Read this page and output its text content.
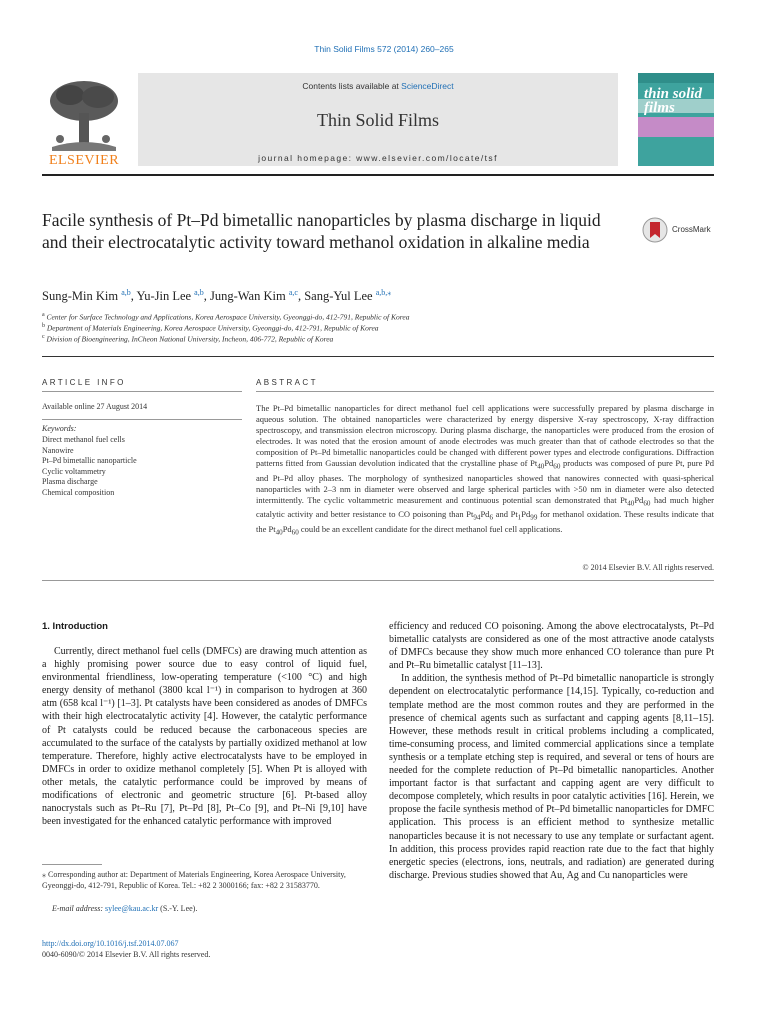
Thin Solid Films 572 (2014) 260–265
ELSEVIER
Contents lists available at ScienceDirect
Thin Solid Films
journal homepage: www.elsevier.com/locate/tsf
thin solid films
Facile synthesis of Pt–Pd bimetallic nanoparticles by plasma discharge in liquid and their electrocatalytic activity toward methanol oxidation in alkaline media
CrossMark
Sung-Min Kim $^{a,b}$, Yu-Jin Lee $^{a,b}$, Jung-Wan Kim $^{a,c}$, Sang-Yul Lee $^{a,b,⁎}$
$^a$ Center for Surface Technology and Applications, Korea Aerospace University, Gyeonggi-do, 412-791, Republic of Korea
$^b$ Department of Materials Engineering, Korea Aerospace University, Gyeonggi-do, 412-791, Republic of Korea
$^c$ Division of Bioengineering, InCheon National University, Incheon, 406-772, Republic of Korea
ARTICLE INFO
Available online 27 August 2014
Keywords:
Direct methanol fuel cells
Nanowire
Pt–Pd bimetallic nanoparticle
Cyclic voltammetry
Plasma discharge
Chemical composition
ABSTRACT
The Pt–Pd bimetallic nanoparticles for direct methanol fuel cell applications were successfully prepared by plasma discharge in aqueous solution. The obtained nanoparticles were characterized by energy dispersive X-ray spectroscopy, X-ray diffraction spectroscopy, and transmission electron microscopy. During plasma discharge, the nanoparticles were produced from the erosion of electrodes. It was noted that the erosion amount of anode electrodes was much greater than that of cathode electrodes so that the composition of Pt–Pd bimetallic nanoparticles could be changed with different power types and electrode configurations. Diffraction patterns fitted from Gaussian devolution indicated that the crystalline phase of $Pt_{40}Pd_{60}$ products was composed of pure Pt, pure Pd and Pt–Pd alloy phases. The morphology of synthesized nanoparticles showed that nanowires connected with quasi-spherical nanoparticles with 2–3 nm in diameter were observed and large spherical particles with >50 nm in diameter were also detected intermittently. The cyclic voltammetric measurement and continuous potential scan demonstrated that $Pt_{40}Pd_{60}$ had much higher catalytic activity and better resistance to CO poisoning than $Pt_{94}Pd_6$ and $Pt_1Pd_{99}$ for methanol oxidation. These results indicate that the $Pt_{40}Pd_{60}$ could be an excellent candidate for the direct methanol fuel cell applications.
© 2014 Elsevier B.V. All rights reserved.
1. Introduction

Currently, direct methanol fuel cells (DMFCs) are drawing much attention as a highly promising power source due to easy control of liquid fuel, environmental friendliness, low-operating temperature (<100 °C) and high energy density of methanol (3800 kcal l⁻¹) in comparison to hydrogen at 360 atm (658 kcal l⁻¹) [1–3]. Pt catalysts have been considered as anodes of DMFCs with their high electrocatalytic activity [4]. However, the catalytic performance of Pt catalysts could be reduced because the carbonaceous species are accumulated to the surface of the catalysts by partially oxidized methanol at low temperature. Therefore, highly active electrocatalysts have to be employed in DMFCs in order to oxidize methanol completely [5]. When Pt is alloyed with other metals, the catalytic performance could be improved by means of modifications of electronic and geometric structure [6]. Pt-based alloy nanocrystals such as Pt–Ru [7], Pt–Pd [8], Pt–Co [9], and Pt–Ni [9,10] have been investigated for the enhanced catalytic performance with improved

efficiency and reduced CO poisoning. Among the above electrocatalysts, Pt–Pd bimetallic catalysts are considered as one of the most attractive anode catalysts of DMFCs because they show much more enhanced CO tolerance than pure Pt and Pt–Ru bimetallic catalyst [11–13].

In addition, the synthesis method of Pt–Pd bimetallic nanoparticle is strongly dependent on electrocatalytic performance [14,15]. Typically, co-reduction and template method are the most common routes and they are performed in the presence of chemical agents such as surfactant and capping agents [8,11–15]. However, these methods result in critical problems including a complicated, time-consuming process, and limited commercial applications since a template synthesis or a template etching step is required, and several or tens of hours are needed for the complete reduction of Pt–Pd bimetallic nanoparticles. Another important factor is that surfactant and capping agent are very difficult to decompose completely, which results in poor catalytic activities [16]. Herein, we propose the facile synthesis method of Pt–Pd bimetallic nanoparticles for DMFC application. This process is an efficient method to synthesize metallic nanoparticles because it is not necessary to use any template or surfactant agent. In addition, this process provides rapid reaction rate due to the fact that highly energetic species (electrons, ions, neutrals, and radiation) are generated during discharge. Previous studies showed that Au, Ag and Cu nanoparticles were

⁎ Corresponding author at: Department of Materials Engineering, Korea Aerospace University, Gyeonggi-do, 412-791, Republic of Korea. Tel.: +82 2 3000166; fax: +82 2 31583770.
E-mail address: sylee@kau.ac.kr (S.-Y. Lee).
http://dx.doi.org/10.1016/j.tsf.2014.07.067
0040-6090/© 2014 Elsevier B.V. All rights reserved.
